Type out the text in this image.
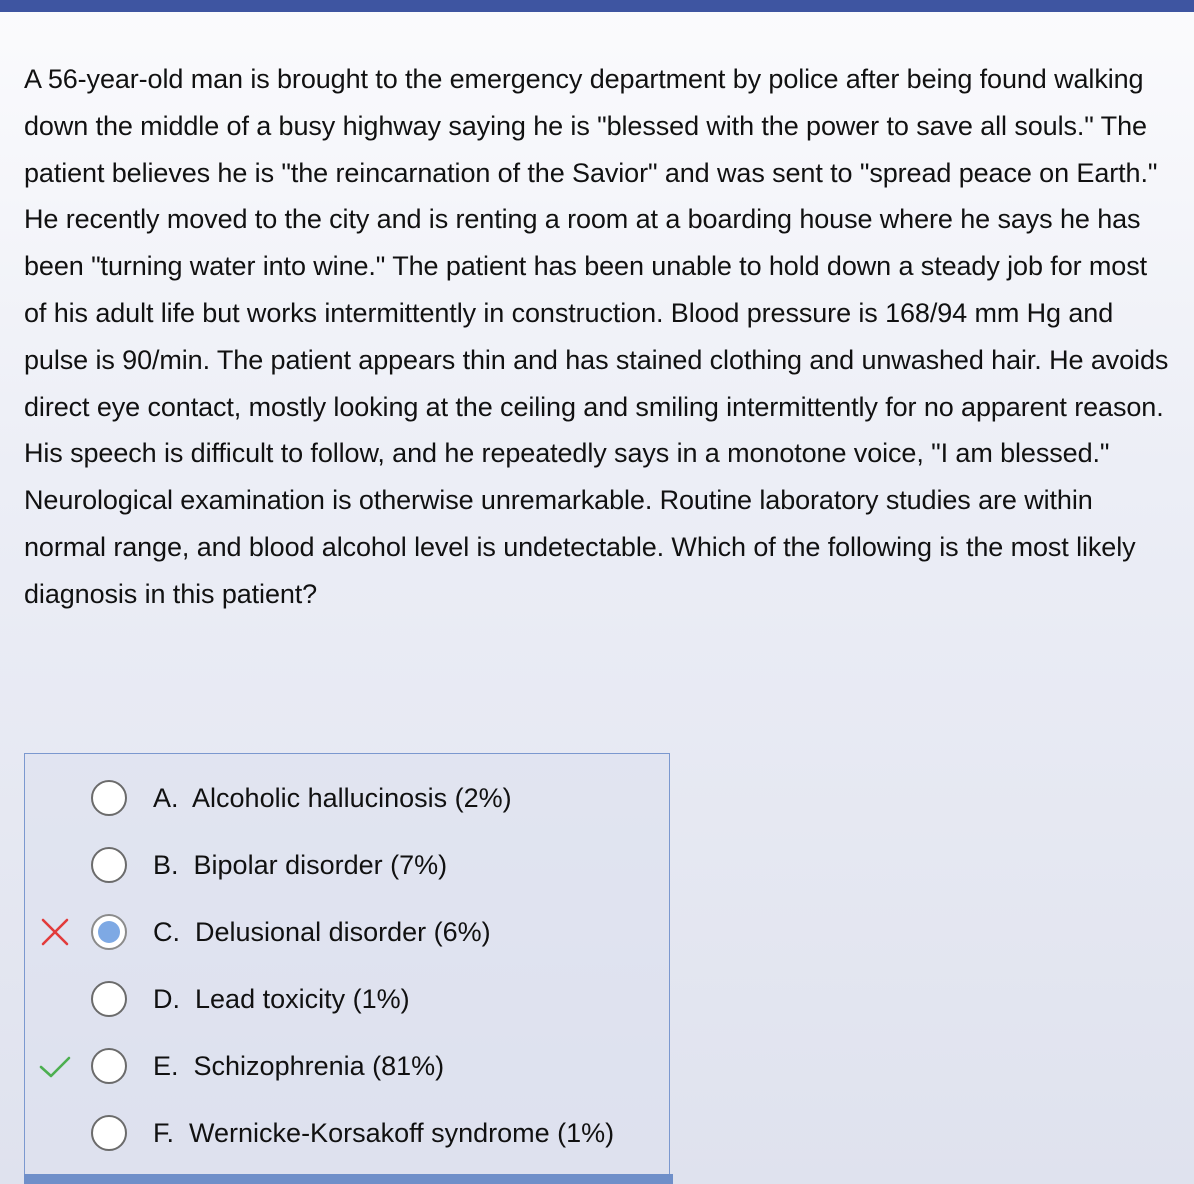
A 56-year-old man is brought to the emergency department by police after being found walking down the middle of a busy highway saying he is "blessed with the power to save all souls." The patient believes he is "the reincarnation of the Savior" and was sent to "spread peace on Earth." He recently moved to the city and is renting a room at a boarding house where he says he has been "turning water into wine." The patient has been unable to hold down a steady job for most of his adult life but works intermittently in construction. Blood pressure is 168/94 mm Hg and pulse is 90/min. The patient appears thin and has stained clothing and unwashed hair. He avoids direct eye contact, mostly looking at the ceiling and smiling intermittently for no apparent reason. His speech is difficult to follow, and he repeatedly says in a monotone voice, "I am blessed." Neurological examination is otherwise unremarkable. Routine laboratory studies are within normal range, and blood alcohol level is undetectable. Which of the following is the most likely diagnosis in this patient?

A. Alcoholic hallucinosis (2%)
B. Bipolar disorder (7%)
C. Delusional disorder (6%)
D. Lead toxicity (1%)
E. Schizophrenia (81%)
F. Wernicke-Korsakoff syndrome (1%)
